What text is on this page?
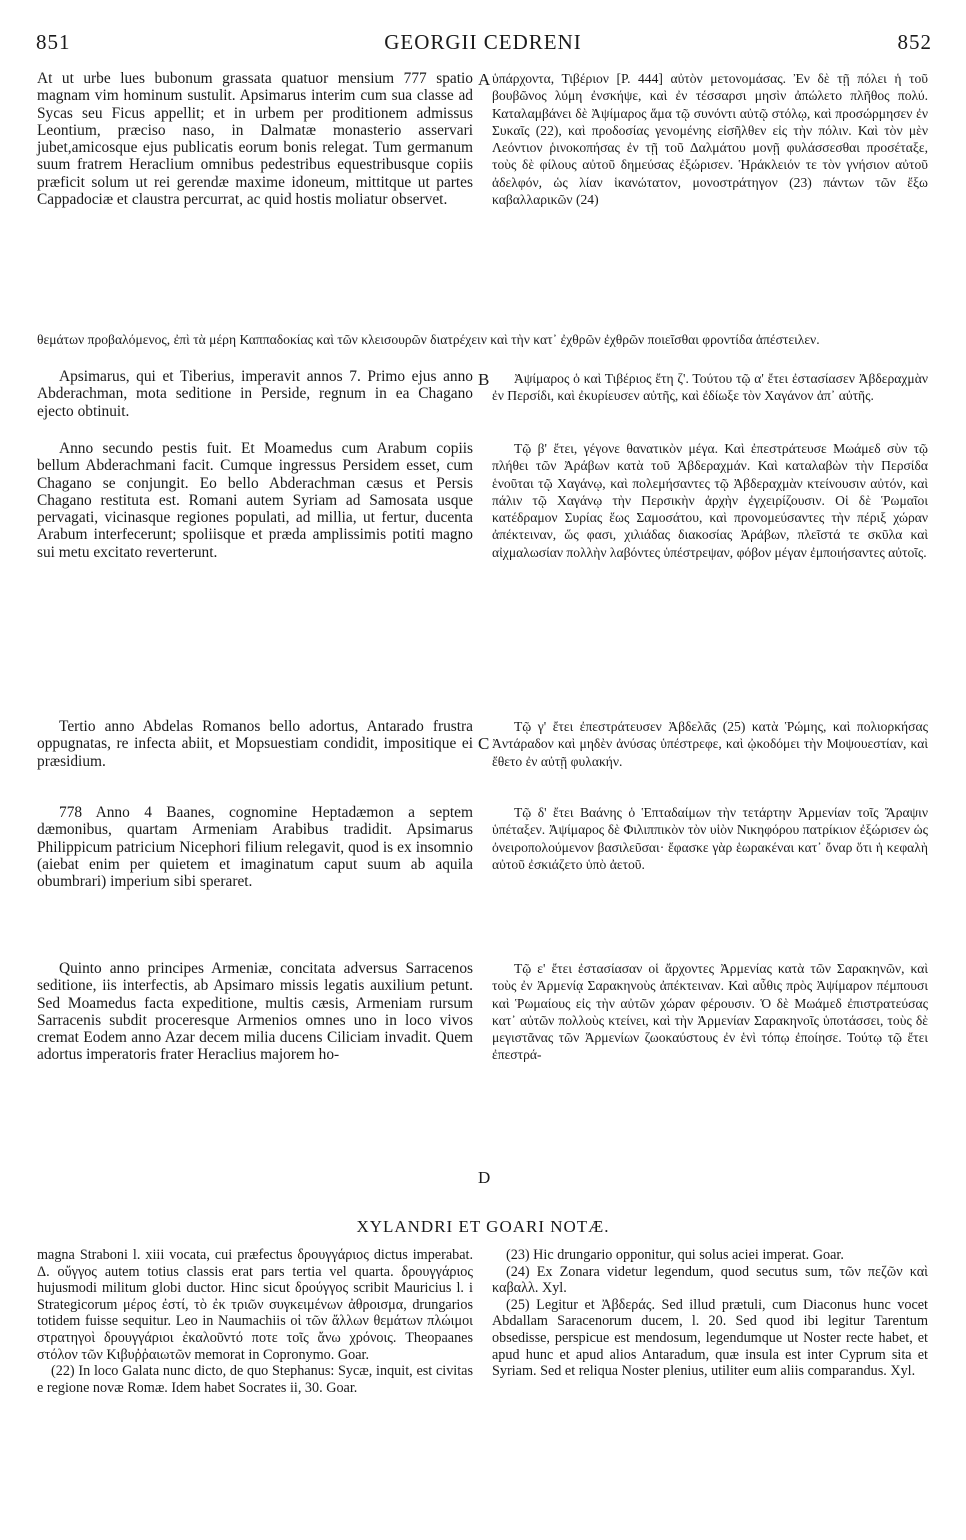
851	GEORGII CEDRENI	852
At ut urbe lues bubonum grassata quatuor mensium 777 spatio magnam vim hominum sustulit. Apsimarus interim cum sua classe ad Sycas seu Ficus appellit; et in urbem per proditionem admissus Leontium, præciso naso, in Dalmatæ monasterio asservari jubet,amicosque ejus publicatis eorum bonis relegat. Tum germanum suum fratrem Heraclium omnibus pedestribus equestribusque copiis præficit solum ut rei gerendæ maxime idoneum, mittitque ut partes Cappadociæ et claustra percurrat, ac quid hostis moliatur observet.
ὑπάρχοντα, Τιβέριον [Ρ. 444] αὐτὸν μετονομάσας. Ἐν δὲ τῇ πόλει ἡ τοῦ βουβῶνος λύμη ἐνσκήψε, καὶ ἐν τέσσαρσι μησὶν ἀπώλετο πλῆθος πολύ. Καταλαμβάνει δὲ Ἀψίμαρος ἅμα τῷ συνόντι αὐτῷ στόλῳ, καὶ προσώρμησεν ἐν Συκαῖς (22), καὶ προδοσίας γενομένης εἰσῆλθεν εἰς τὴν πόλιν. Καὶ τὸν μὲν Λεόντιον ῥινοκοπήσας ἐν τῇ τοῦ Δαλμάτου μονῇ φυλάσσεσθαι προσέταξε, τοὺς δὲ φίλους αὐτοῦ δημεύσας ἐξώρισεν. Ἡράκλειόν τε τὸν γνήσιον αὐτοῦ ἀδελφόν, ὡς λίαν ἱκανώτατον, μονοστράτηγον (23) πάντων τῶν ἔξω καβαλλαρικῶν (24)
θεμάτων προβαλόμενος, ἐπὶ τὰ μέρη Καππαδοκίας καὶ τῶν κλεισουρῶν διατρέχειν καὶ τὴν κατ᾽ ἐχθρῶν ἐχθρῶν ποιεῖσθαι φροντίδα ἀπέστειλεν.
Apsimarus, qui et Tiberius, imperavit annos 7. Primo ejus anno Abderachman, mota seditione in Perside, regnum in ea Chagano ejecto obtinuit.
Anno secundo pestis fuit. Et Moamedus cum Arabum copiis bellum Abderachmani facit. Cumque ingressus Persidem esset, cum Chagano se conjungit. Eo bello Abderachman cæsus et Persis Chagano restituta est. Romani autem Syriam ad Samosata usque pervagati, vicinasque regiones populati, ad millia, ut fertur, ducenta Arabum interfecerunt; spoliisque et præda amplissimis potiti magno sui metu excitato reverterunt.
Tertio anno Abdelas Romanos bello adortus, Antarado frustra oppugnatas, re infecta abiit, et Mopsuestiam condidit, impositique ei præsidium.
778 Anno 4 Baanes, cognomine Heptadæmon a septem dæmonibus, quartam Armeniam Arabibus tradidit. Apsimarus Philippicum patricium Nicephori filium relegavit, quod is ex insomnio (aiebat enim per quietem et imaginatum caput suum ab aquila obumbrari) imperium sibi speraret.
Quinto anno principes Armeniæ, concitata adversus Sarracenos seditione, iis interfectis, ab Apsimaro missis legatis auxilium petunt. Sed Moamedus facta expeditione, multis cæsis, Armeniam rursum Sarracenis subdit proceresque Armenios omnes uno in loco vivos cremat Eodem anno Azar decem milia ducens Ciliciam invadit. Quem adortus imperatoris frater Heraclius majorem ho-
Ἀψίμαρος ὁ καὶ Τιβέριος ἔτη ζ'. Τούτου τῷ α' ἔτει ἐστασίασεν Ἀβδεραχμὰν ἐν Περσίδι, καὶ ἐκυρίευσεν αὐτῆς, καὶ ἐδίωξε τὸν Χαγάνον ἀπ᾽ αὐτῆς.
Τῷ β' ἔτει, γέγονε θανατικὸν μέγα. Καὶ ἐπεστράτευσε Μωάμεδ σὺν τῷ πλήθει τῶν Ἀράβων κατὰ τοῦ Ἀβδεραχμάν. Καὶ καταλαβὼν τὴν Περσίδα ἑνοῦται τῷ Χαγάνῳ, καὶ πολεμήσαντες τῷ Ἀβδεραχμὰν κτείνουσιν αὐτόν, καὶ πάλιν τῷ Χαγάνῳ τὴν Περσικὴν ἀρχὴν ἐγχειρίζουσιν. Οἱ δὲ Ῥωμαῖοι κατέδραμον Συρίας ἕως Σαμοσάτου, καὶ προνομεύσαντες τὴν πέριξ χώραν ἀπέκτειναν, ὥς φασι, χιλιάδας διακοσίας Ἀράβων, πλεῖστά τε σκῦλα καὶ αἰχμαλωσίαν πολλὴν λαβόντες ὑπέστρεψαν, φόβον μέγαν ἐμποιήσαντες αὐτοῖς.
Τῷ γ' ἔτει ἐπεστράτευσεν Ἀβδελᾶς (25) κατὰ Ῥώμης, καὶ πολιορκήσας Ἀντάραδον καὶ μηδὲν ἀνύσας ὑπέστρεφε, καὶ ᾠκοδόμει τὴν Μοψουεστίαν, καὶ ἔθετο ἐν αὐτῇ φυλακήν.
Τῷ δ' ἔτει Βαάνης ὁ Ἑπταδαίμων τὴν τετάρτην Ἀρμενίαν τοῖς Ἄραψιν ὑπέταξεν. Ἀψίμαρος δὲ Φιλιππικὸν τὸν υἱὸν Νικηφόρου πατρίκιον ἐξώρισεν ὡς ὀνειροπολούμενον βασιλεῦσαι· ἔφασκε γὰρ ἑωρακέναι κατ᾽ ὄναρ ὅτι ἡ κεφαλὴ αὐτοῦ ἐσκιάζετο ὑπὸ ἀετοῦ.
Τῷ ε' ἔτει ἐστασίασαν οἱ ἄρχοντες Ἀρμενίας κατὰ τῶν Σαρακηνῶν, καὶ τοὺς ἐν Ἀρμενίᾳ Σαρακηνοὺς ἀπέκτειναν. Καὶ αὖθις πρὸς Ἀψίμαρον πέμπουσι καὶ Ῥωμαίους εἰς τὴν αὐτῶν χώραν φέρουσιν. Ὁ δὲ Μωάμεδ ἐπιστρατεύσας κατ᾽ αὐτῶν πολλοὺς κτείνει, καὶ τὴν Ἀρμενίαν Σαρακηνοῖς ὑποτάσσει, τοὺς δὲ μεγιστᾶνας τῶν Ἀρμενίων ζωοκαύστους ἐν ἑνὶ τόπῳ ἐποίησε. Τούτῳ τῷ ἔτει ἐπεστρά-
A
B
C
D
XYLANDRI ET GOARI NOTÆ.

magna Straboni l. xiii vocata, cui præfectus δρουγγάριος dictus imperabat. Δ. οὔγγος autem totius classis erat pars tertia vel quarta. δρουγγάριος hujusmodi militum globi ductor. Hinc sicut δρούγγος scribit Mauricius l. i Strategicorum μέρος ἐστί, τὸ ἐκ τριῶν συγκειμένων ἀθροισμα, drungarios totidem fuisse sequitur. Leo in Naumachiis οἱ τῶν ἄλλων θεμάτων πλώιμοι στρατηγοὶ δρουγγάριοι ἐκαλοῦντό ποτε τοῖς ἄνω χρόνοις. Theopaanes στόλον τῶν Κιβυῤῥαιωτῶν memorat in Copronymo. Goar.

(22) In loco Galata nunc dicto, de quo Stephanus: Sycæ, inquit, est civitas e regione novæ Romæ. Idem habet Socrates ii, 30. Goar.

(23) Hic drungario opponitur, qui solus aciei imperat. Goar.

(24) Ex Zonara videtur legendum, quod secutus sum, τῶν πεζῶν καὶ καβαλλ. Xyl.

(25) Legitur et Ἀβδεράς. Sed illud prætuli, cum Diaconus hunc vocet Abdallam Saracenorum ducem, l. 20. Sed quod ibi legitur Tarentum obsedisse, perspicue est mendosum, legendumque ut Noster recte habet, et apud hunc et apud alios Antaradum, quæ insula est inter Cyprum sita et Syriam. Sed et reliqua Noster plenius, utiliter eum aliis comparandus. Xyl.
